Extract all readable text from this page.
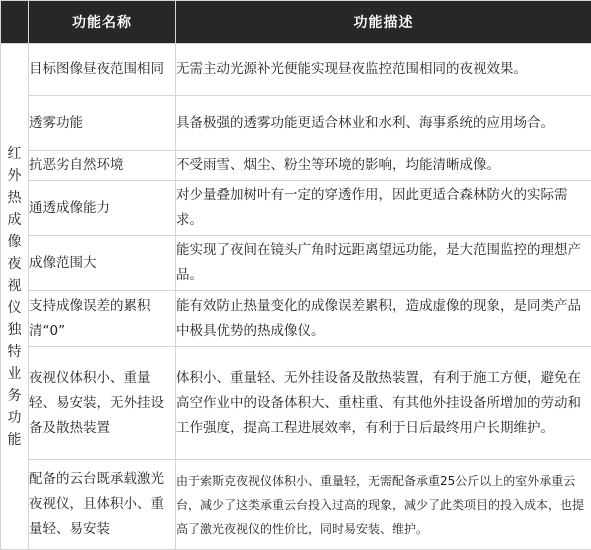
	功能名称	功能描述

红外热成像夜视仪独特业务功能	目标图像昼夜范围相同	无需主动光源补光便能实现昼夜监控范围相同的夜视效果。
	透雾功能	具备极强的透雾功能更适合林业和水利、海事系统的应用场合。
	抗恶劣自然环境	不受雨雪、烟尘、粉尘等环境的影响，均能清晰成像。
	通透成像能力	对少量叠加树叶有一定的穿透作用，因此更适合森林防火的实际需求。
	成像范围大	能实现了夜间在镜头广角时远距离望远功能，是大范围监控的理想产品。
	支持成像误差的累积清“0”	能有效防止热量变化的成像误差累积，造成虚像的现象，是同类产品中极具优势的热成像仪。
	夜视仪体积小、重量轻、易安装，无外挂设备及散热装置	体积小、重量轻、无外挂设备及散热装置，有利于施工方便，避免在高空作业中的设备体积大、重柱重、有其他外挂设备所增加的劳动和工作强度，提高工程进展效率，有利于日后最终用户长期维护。
	配备的云台既承载激光夜视仪，且体积小、重量轻、易安装	由于索斯克夜视仪体积小、重量轻，无需配备承重25公斤以上的室外承重云台，减少了这类承重云台投入过高的现象，减少了此类项目的投入成本，也提高了激光夜视仪的性价比，同时易安装、维护。
